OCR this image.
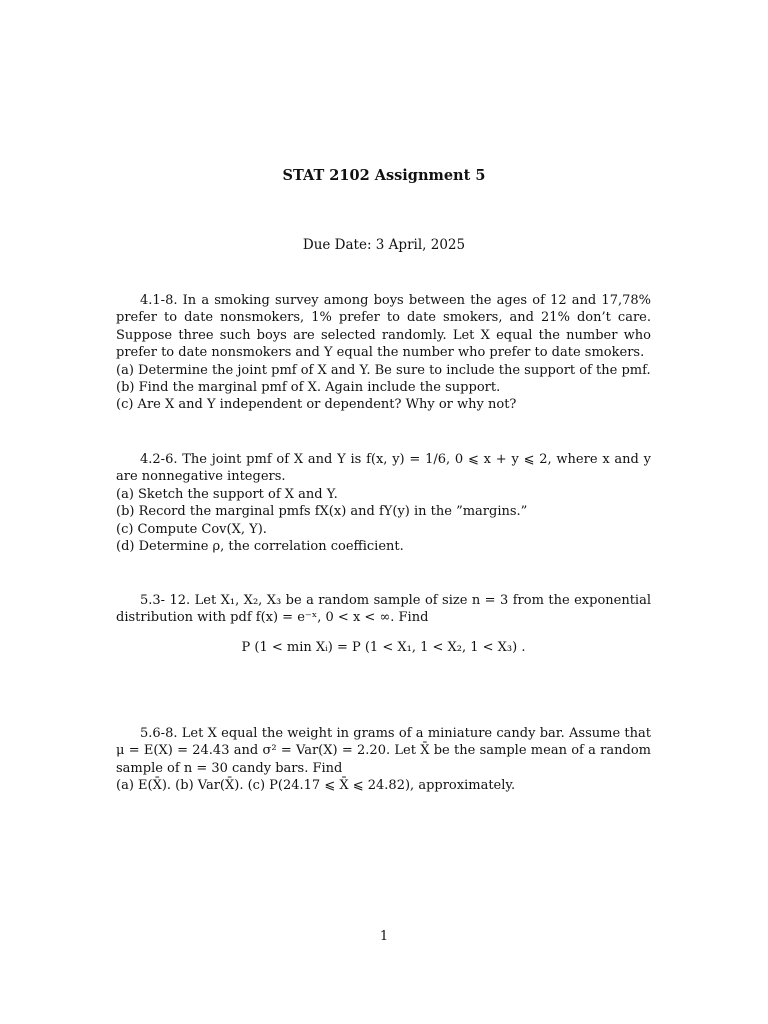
STAT 2102 Assignment 5
Due Date: 3 April, 2025

4.1-8. In a smoking survey among boys between the ages of 12 and 17,78% prefer to date nonsmokers, 1% prefer to date smokers, and 21% don’t care. Suppose three such boys are selected randomly. Let X equal the number who prefer to date nonsmokers and Y equal the number who prefer to date smokers.

(a) Determine the joint pmf of X and Y. Be sure to include the support of the pmf.
(b) Find the marginal pmf of X. Again include the support.
(c) Are X and Y independent or dependent? Why or why not?

4.2-6. The joint pmf of X and Y is f(x, y) = 1/6, 0 ⩽ x + y ⩽ 2, where x and y are nonnegative integers.

(a) Sketch the support of X and Y.
(b) Record the marginal pmfs fX(x) and fY(y) in the ”margins.”
(c) Compute Cov(X, Y).
(d) Determine ρ, the correlation coefficient.

5.3- 12. Let X₁, X₂, X₃ be a random sample of size n = 3 from the exponential distribution with pdf f(x) = e⁻ˣ, 0 < x < ∞. Find

P (1 < min Xᵢ) = P (1 < X₁, 1 < X₂, 1 < X₃) .

5.6-8. Let X equal the weight in grams of a miniature candy bar. Assume that μ = E(X) = 24.43 and σ² = Var(X) = 2.20. Let X̄ be the sample mean of a random sample of n = 30 candy bars. Find

(a) E(X̄). (b) Var(X̄). (c) P(24.17 ⩽ X̄ ⩽ 24.82), approximately.
1
